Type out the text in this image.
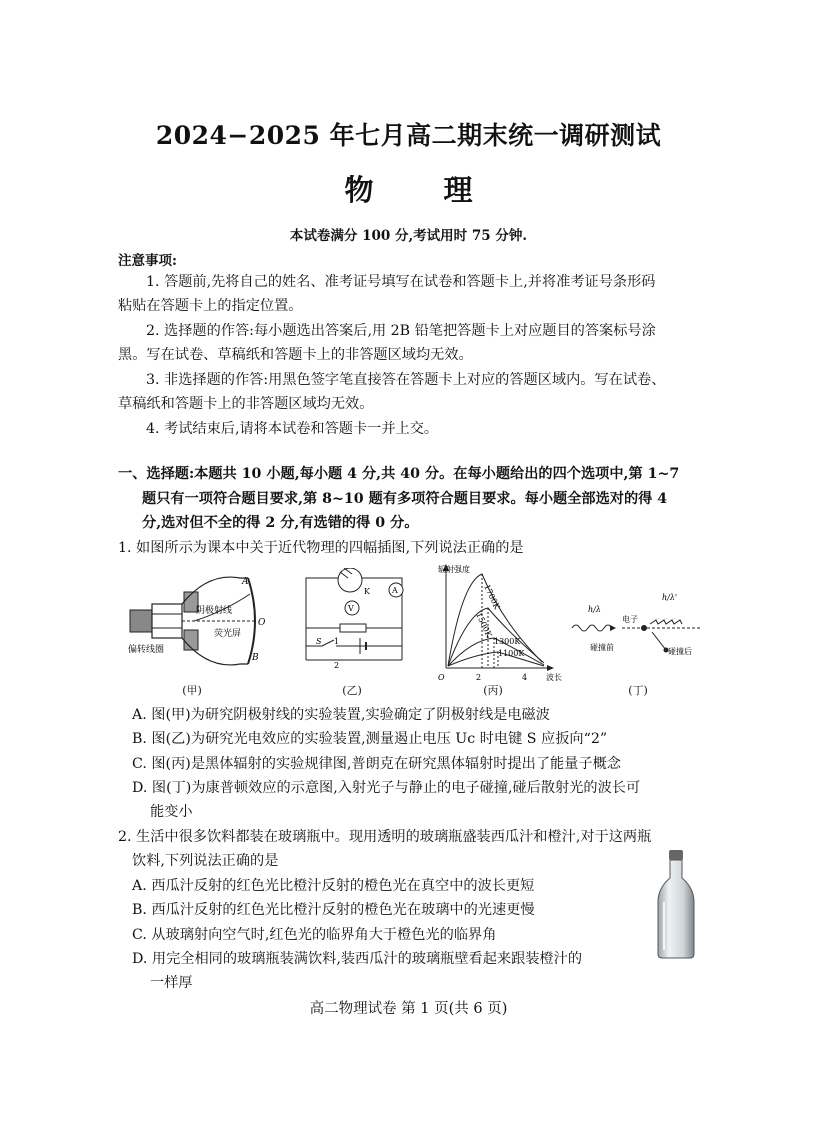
2024−2025 年七月高二期末统一调研测试
物 理
本试卷满分 100 分,考试用时 75 分钟.
注意事项:
1. 答题前,先将自己的姓名、准考证号填写在试卷和答题卡上,并将准考证号条形码
粘贴在答题卡上的指定位置。
2. 选择题的作答:每小题选出答案后,用 2B 铅笔把答题卡上对应题目的答案标号涂
黑。写在试卷、草稿纸和答题卡上的非答题区域均无效。
3. 非选择题的作答:用黑色签字笔直接答在答题卡上对应的答题区域内。写在试卷、
草稿纸和答题卡上的非答题区域均无效。
4. 考试结束后,请将本试卷和答题卡一并上交。
一、选择题:本题共 10 小题,每小题 4 分,共 40 分。在每小题给出的四个选项中,第 1~7
题只有一项符合题目要求,第 8~10 题有多项符合题目要求。每小题全部选对的得 4
分,选对但不全的得 2 分,有选错的得 0 分。
1. 如图所示为课本中关于近代物理的四幅插图,下列说法正确的是
阴极射线
荧光屏
偏转线圈
A
O
B
(甲)
V
A
K
S 1
2
(乙)
辐射强度
O	2	4 波长
1700K
1500K
1300K
1100K
(丙)
h/λ
h/λ'
电子
碰撞前	碰撞后
(丁)
A. 图(甲)为研究阴极射线的实验装置,实验确定了阴极射线是电磁波
B. 图(乙)为研究光电效应的实验装置,测量遏止电压 Uc 时电键 S 应扳向“2”
C. 图(丙)是黑体辐射的实验规律图,普朗克在研究黑体辐射时提出了能量子概念
D. 图(丁)为康普顿效应的示意图,入射光子与静止的电子碰撞,碰后散射光的波长可
能变小
2. 生活中很多饮料都装在玻璃瓶中。现用透明的玻璃瓶盛装西瓜汁和橙汁,对于这两瓶
饮料,下列说法正确的是
A. 西瓜汁反射的红色光比橙汁反射的橙色光在真空中的波长更短
B. 西瓜汁反射的红色光比橙汁反射的橙色光在玻璃中的光速更慢
C. 从玻璃射向空气时,红色光的临界角大于橙色光的临界角
D. 用完全相同的玻璃瓶装满饮料,装西瓜汁的玻璃瓶壁看起来跟装橙汁的
一样厚
高二物理试卷 第 1 页(共 6 页)
